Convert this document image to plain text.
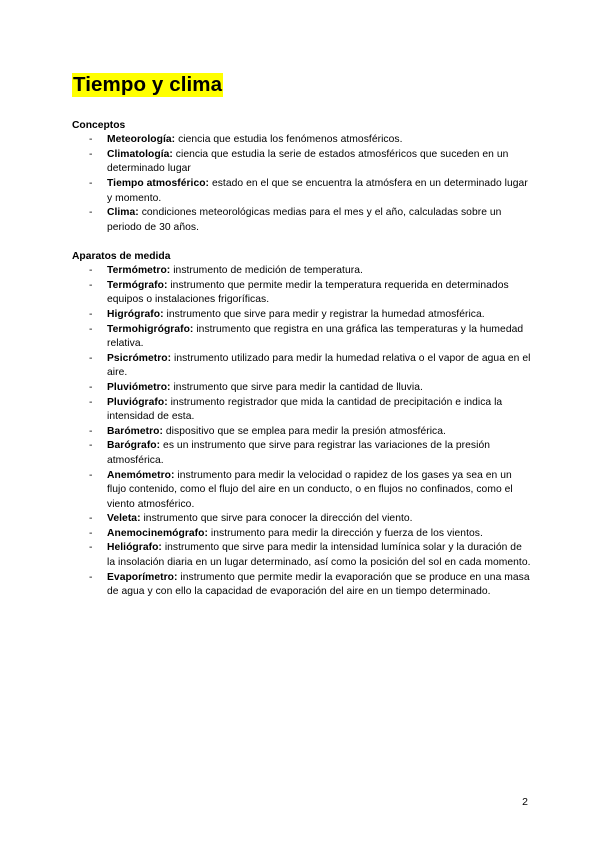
Tiempo y clima

Conceptos

- Meteorología: ciencia que estudia los fenómenos atmosféricos.
- Climatología: ciencia que estudia la serie de estados atmosféricos que suceden en un determinado lugar
- Tiempo atmosférico: estado en el que se encuentra la atmósfera en un determinado lugar y momento.
- Clima: condiciones meteorológicas medias para el mes y el año, calculadas sobre un periodo de 30 años.

Aparatos de medida

- Termómetro: instrumento de medición de temperatura.
- Termógrafo: instrumento que permite medir la temperatura requerida en determinados equipos o instalaciones frigoríficas.
- Higrógrafo: instrumento que sirve para medir y registrar la humedad atmosférica.
- Termohigrógrafo: instrumento que registra en una gráfica las temperaturas y la humedad relativa.
- Psicrómetro: instrumento utilizado para medir la humedad relativa o el vapor de agua en el aire.
- Pluviómetro: instrumento que sirve para medir la cantidad de lluvia.
- Pluviógrafo: instrumento registrador que mida la cantidad de precipitación e indica la intensidad de esta.
- Barómetro: dispositivo que se emplea para medir la presión atmosférica.
- Barógrafo: es un instrumento que sirve para registrar las variaciones de la presión atmosférica.
- Anemómetro: instrumento para medir la velocidad o rapidez de los gases ya sea en un flujo contenido, como el flujo del aire en un conducto, o en flujos no confinados, como el viento atmosférico.
- Veleta: instrumento que sirve para conocer la dirección del viento.
- Anemocinemógrafo: instrumento para medir la dirección y fuerza de los vientos.
- Heliógrafo: instrumento que sirve para medir la intensidad lumínica solar y la duración de la insolación diaria en un lugar determinado, así como la posición del sol en cada momento.
- Evaporímetro: instrumento que permite medir la evaporación que se produce en una masa de agua y con ello la capacidad de evaporación del aire en un tiempo determinado.
2
